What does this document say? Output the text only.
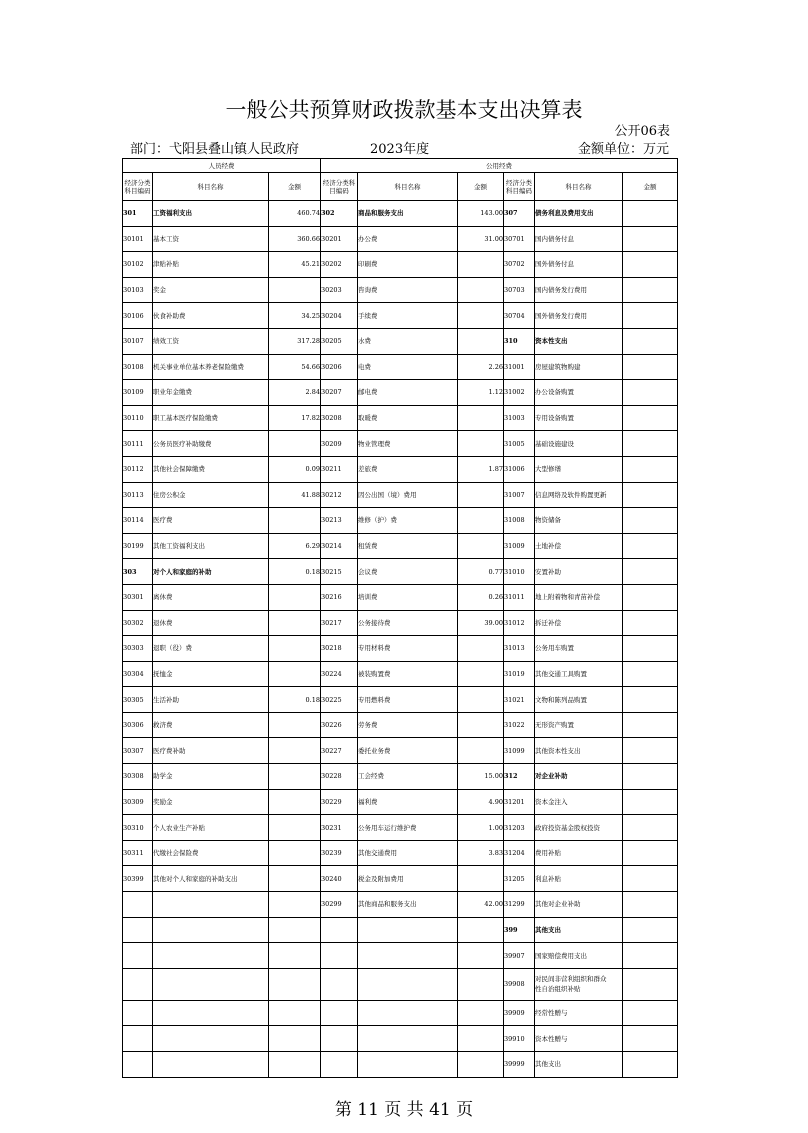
一般公共预算财政拨款基本支出决算表
公开06表
部门：弋阳县叠山镇人民政府	2023年度	金额单位：万元
人员经费			公用经费					
经济分类科目编码	科目名称	金额	经济分类科目编码	科目名称	金额	经济分类科目编码	科目名称	金额
301	工资福利支出	460.74	302	商品和服务支出	143.00	307	债务利息及费用支出	
30101	基本工资	360.66	30201	办公费	31.00	30701	国内债务付息	
30102	津贴补贴	45.21	30202	印刷费		30702	国外债务付息	
30103	奖金		30203	咨询费		30703	国内债务发行费用	
30106	伙食补助费	34.25	30204	手续费		30704	国外债务发行费用	
30107	绩效工资	317.28	30205	水费		310	资本性支出	
30108	机关事业单位基本养老保险缴费	54.66	30206	电费	2.26	31001	房屋建筑物购建	
30109	职业年金缴费	2.84	30207	邮电费	1.12	31002	办公设备购置	
30110	职工基本医疗保险缴费	17.82	30208	取暖费		31003	专用设备购置	
30111	公务员医疗补助缴费		30209	物业管理费		31005	基础设施建设	
30112	其他社会保障缴费	0.09	30211	差旅费	1.87	31006	大型修缮	
30113	住房公积金	41.88	30212	因公出国（境）费用		31007	信息网络及软件购置更新	
30114	医疗费		30213	维修（护）费		31008	物资储备	
30199	其他工资福利支出	6.29	30214	租赁费		31009	土地补偿	
303	对个人和家庭的补助	0.18	30215	会议费	0.77	31010	安置补助	
30301	离休费		30216	培训费	0.26	31011	地上附着物和青苗补偿	
30302	退休费		30217	公务接待费	39.00	31012	拆迁补偿	
30303	退职（役）费		30218	专用材料费		31013	公务用车购置	
30304	抚恤金		30224	被装购置费		31019	其他交通工具购置	
30305	生活补助	0.18	30225	专用燃料费		31021	文物和陈列品购置	
30306	救济费		30226	劳务费		31022	无形资产购置	
30307	医疗费补助		30227	委托业务费		31099	其他资本性支出	
30308	助学金		30228	工会经费	15.00	312	对企业补助	
30309	奖励金		30229	福利费	4.90	31201	资本金注入	
30310	个人农业生产补贴		30231	公务用车运行维护费	1.00	31203	政府投资基金股权投资	
30311	代缴社会保险费		30239	其他交通费用	3.83	31204	费用补贴	
30399	其他对个人和家庭的补助支出		30240	税金及附加费用		31205	利息补贴	
			30299	其他商品和服务支出	42.00	31299	其他对企业补助	
						399	其他支出	
						39907	国家赔偿费用支出	
						39908	对民间非营利组织和群众性自治组织补贴	
						39909	经常性赠与	
						39910	资本性赠与	
						39999	其他支出	
第 11 页 共 41 页
